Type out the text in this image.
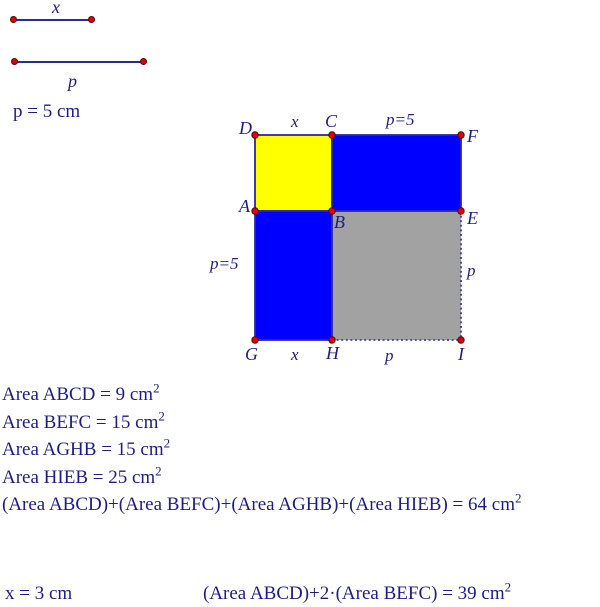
x
p
p = 5 cm
D	C
F
A
B	E
G	H	I
x	p=5
p=5	p
x	p
Area ABCD = 9 $cm^2$
Area BEFC = 15 $cm^2$
Area AGHB = 15 $cm^2$
Area HIEB = 25 $cm^2$
(Area ABCD)+(Area BEFC)+(Area AGHB)+(Area HIEB) = 64 $cm^2$
x = 3 cm	(Area ABCD)+2·(Area BEFC) = 39 $cm^2$
